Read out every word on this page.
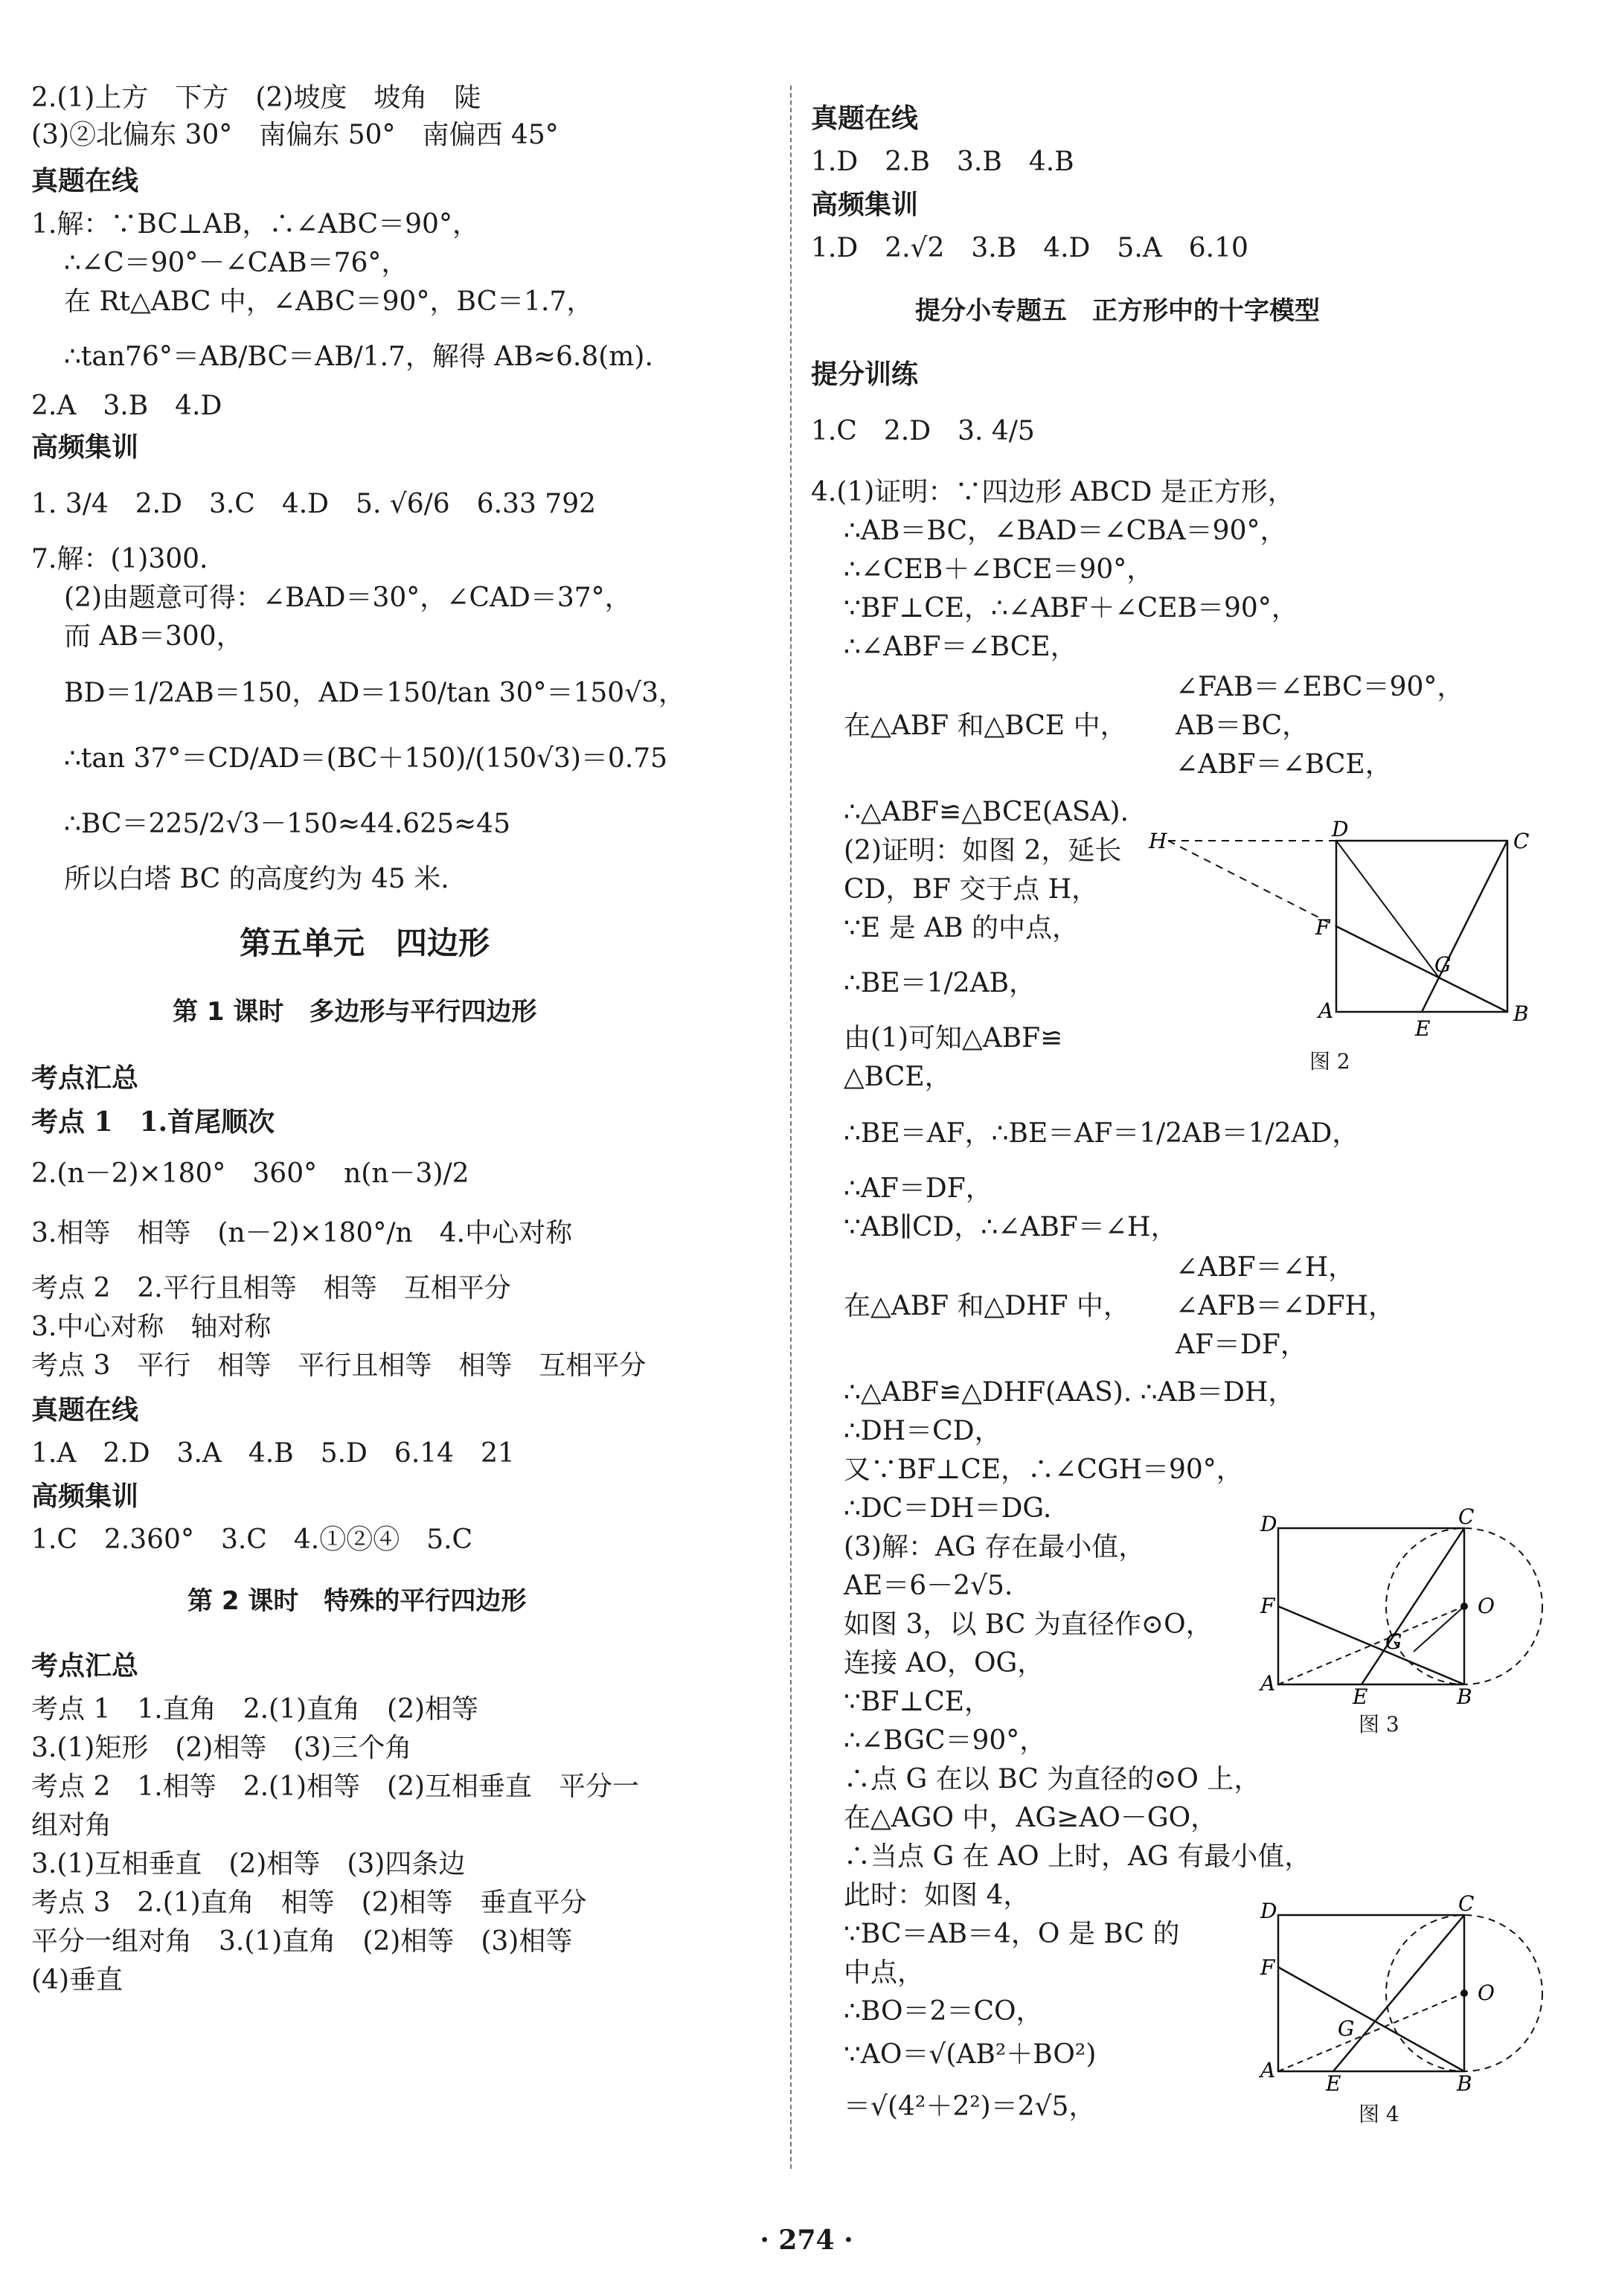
2.(1)上方　下方　(2)坡度　坡角　陡
(3)②北偏东 30°　南偏东 50°　南偏西 45°
真题在线
1.解：∵BC⊥AB，∴∠ABC＝90°，
∴∠C＝90°－∠CAB＝76°，
在 Rt△ABC 中，∠ABC＝90°，BC＝1.7，
∴tan76°＝AB/BC＝AB/1.7，解得 AB≈6.8(m).
2.A　3.B　4.D
高频集训
1. 3/4　2.D　3.C　4.D　5. √6/6　6.33 792
7.解：(1)300.
(2)由题意可得：∠BAD＝30°，∠CAD＝37°，
而 AB＝300，
BD＝1/2AB＝150，AD＝150/tan 30°＝150√3，
∴tan 37°＝CD/AD＝(BC＋150)/(150√3)＝0.75
∴BC＝225/2√3－150≈44.625≈45
所以白塔 BC 的高度约为 45 米.
第五单元　四边形
第 1 课时　多边形与平行四边形
考点汇总
考点 1　1.首尾顺次
2.(n－2)×180°　360°　n(n－3)/2
3.相等　相等　(n－2)×180°/n　4.中心对称
考点 2　2.平行且相等　相等　互相平分
3.中心对称　轴对称
考点 3　平行　相等　平行且相等　相等　互相平分
真题在线
1.A　2.D　3.A　4.B　5.D　6.14　21
高频集训
1.C　2.360°　3.C　4.①②④　5.C
第 2 课时　特殊的平行四边形
考点汇总
考点 1　1.直角　2.(1)直角　(2)相等
3.(1)矩形　(2)相等　(3)三个角
考点 2　1.相等　2.(1)相等　(2)互相垂直　平分一
组对角
3.(1)互相垂直　(2)相等　(3)四条边
考点 3　2.(1)直角　相等　(2)相等　垂直平分
平分一组对角　3.(1)直角　(2)相等　(3)相等
(4)垂直
真题在线
1.D　2.B　3.B　4.B
高频集训
1.D　2.√2　3.B　4.D　5.A　6.10
提分小专题五　正方形中的十字模型
提分训练
1.C　2.D　3. 4/5
4.(1)证明：∵四边形 ABCD 是正方形，
∴AB＝BC，∠BAD＝∠CBA＝90°，
∴∠CEB＋∠BCE＝90°，
∵BF⊥CE，∴∠ABF＋∠CEB＝90°，
∴∠ABF＝∠BCE，
∠FAB＝∠EBC＝90°，
在△ABF 和△BCE 中， AB＝BC，
∠ABF＝∠BCE，
∴△ABF≌△BCE(ASA).
(2)证明：如图 2，延长
CD，BF 交于点 H，
∵E 是 AB 的中点，
∴BE＝1/2AB，
由(1)可知△ABF≌
△BCE，
∴BE＝AF，∴BE＝AF＝1/2AB＝1/2AD，
∴AF＝DF，
∵AB∥CD，∴∠ABF＝∠H，
∠ABF＝∠H，
在△ABF 和△DHF 中， ∠AFB＝∠DFH，
AF＝DF，
∴△ABF≌△DHF(AAS). ∴AB＝DH，
∴DH＝CD，
又∵BF⊥CE，∴∠CGH＝90°，
∴DC＝DH＝DG.
(3)解：AG 存在最小值，
AE＝6－2√5.
如图 3，以 BC 为直径作⊙O，
连接 AO，OG，
∵BF⊥CE，
∴∠BGC＝90°，
∴点 G 在以 BC 为直径的⊙O 上，
在△AGO 中，AG≥AO－GO，
∴当点 G 在 AO 上时，AG 有最小值，
此时：如图 4，
∵BC＝AB＝4，O 是 BC 的
中点，
∴BO＝2＝CO，
∵AO＝√(AB²＋BO²)
＝√(4²＋2²)＝2√5，
H	D	C
F
G
A
E
B
图 2
D	C
F	O
G
A
E	B
图 3
D	C
F
O
G
A
E	B
图 4
· 274 ·
